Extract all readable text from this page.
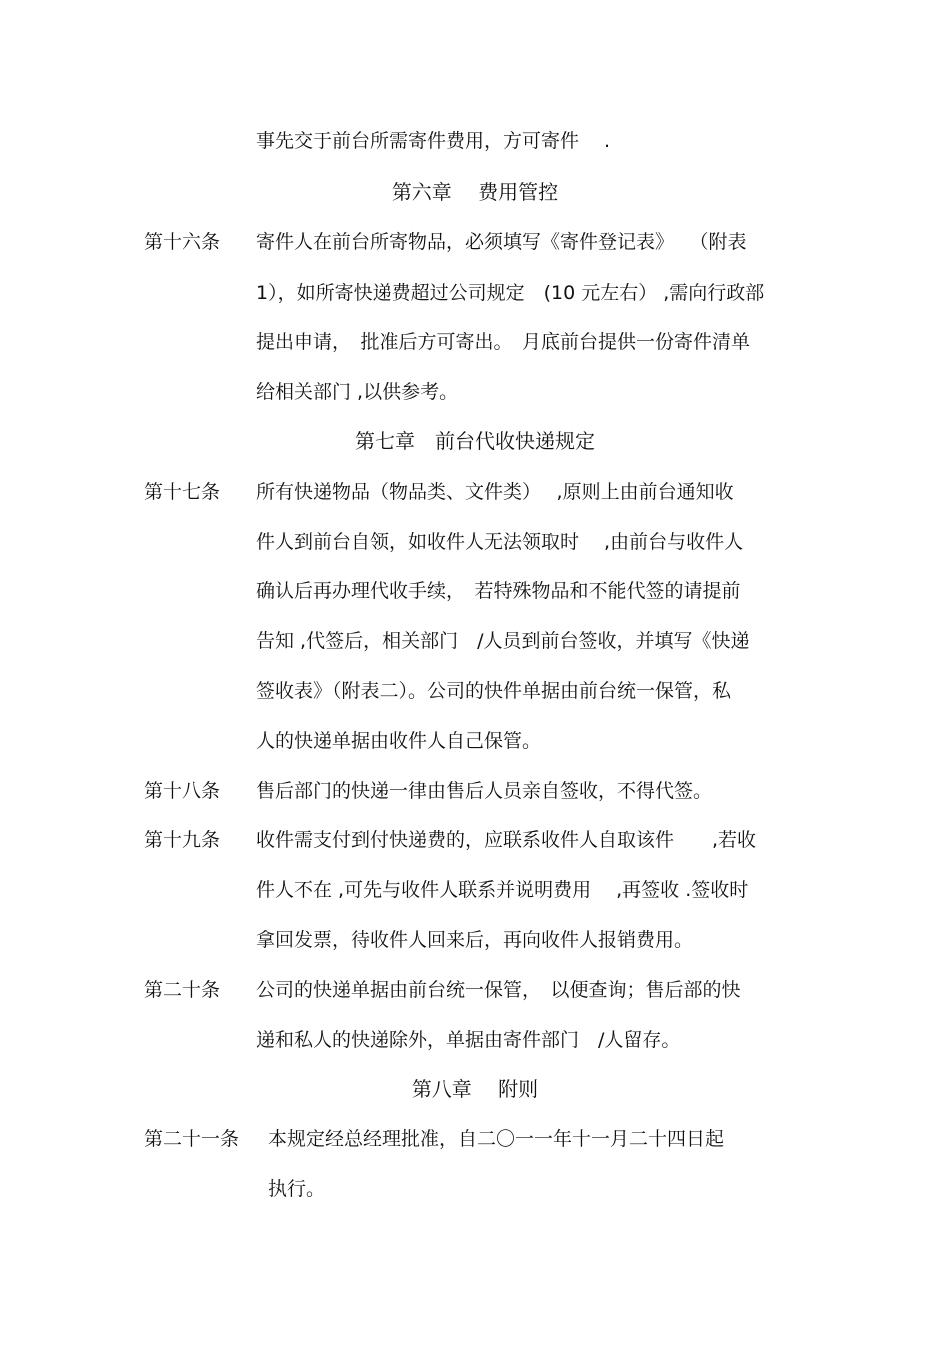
事先交于前台所需寄件费用，方可寄件　 .
第六章　 费用管控
第十六条 寄件人在前台所寄物品，必须填写《寄件登记表》　 （附表
1），如所寄快递费超过公司规定　(10 元左右） ,需向行政部
提出申请，　批准后方可寄出。　月底前台提供一份寄件清单
给相关部门 ,以供参考。
第七章　前台代收快递规定
第十七条 所有快递物品（物品类、文件类）　 ,原则上由前台通知收
件人到前台自领，如收件人无法领取时　 ,由前台与收件人
确认后再办理代收手续，　若特殊物品和不能代签的请提前
告知 ,代签后，相关部门　/人员到前台签收，并填写《快递
签收表》（附表二）。公司的快件单据由前台统一保管，私
人的快递单据由收件人自己保管。
第十八条 售后部门的快递一律由售后人员亲自签收，不得代签。
第十九条 收件需支付到付快递费的，应联系收件人自取该件　　,若收
件人不在 ,可先与收件人联系并说明费用　 ,再签收 .签收时
拿回发票，待收件人回来后，再向收件人报销费用。
第二十条 公司的快递单据由前台统一保管，　以便查询；售后部的快
递和私人的快递除外，单据由寄件部门　/人留存。
第八章　 附则
第二十一条 本规定经总经理批准，自二〇一一年十一月二十四日起
执行。
